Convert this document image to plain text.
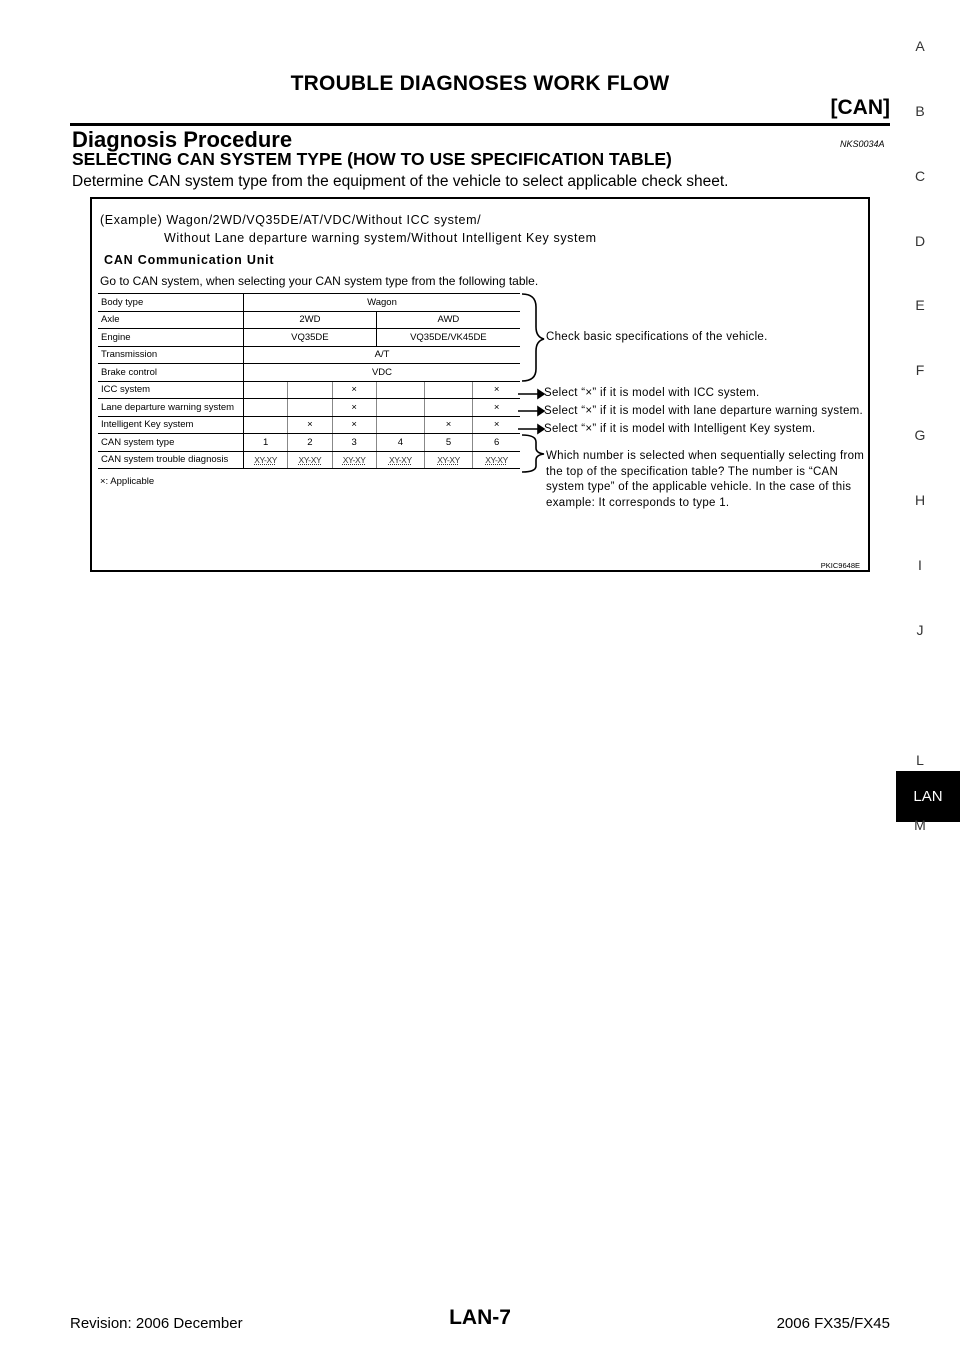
TROUBLE DIAGNOSES WORK FLOW
[CAN]
Diagnosis Procedure	NKS0034A
SELECTING CAN SYSTEM TYPE (HOW TO USE SPECIFICATION TABLE)
Determine CAN system type from the equipment of the vehicle to select applicable check sheet.
(Example) Wagon/2WD/VQ35DE/AT/VDC/Without ICC system/
Without Lane departure warning system/Without Intelligent Key system
CAN Communication Unit
Go to CAN system, when selecting your CAN system type from the following table.
Body type	Wagon					
Axle	2WD			AWD		
Engine	VQ35DE			VQ35DE/VK45DE		
Transmission	A/T					
Brake control	VDC					
ICC system			×			×
Lane departure warning system			×			×
Intelligent Key system		×	×		×	×
CAN system type	1	2	3	4	5	6
CAN system trouble diagnosis	XY-XY	XY-XY	XY-XY	XY-XY	XY-XY	XY-XY
×: Applicable
Check basic specifications of the vehicle.
Select “×” if it is model with ICC system.
Select “×” if it is model with lane departure warning system.
Select “×” if it is model with Intelligent Key system.
Which number is selected when sequentially selecting from the top of the specification table? The number is “CAN system type” of the applicable vehicle. In the case of this example: It corresponds to type 1.
PKIC9648E
A
B
C
D
E
F
G
H
I
J
LAN
L
M
Revision: 2006 December	LAN-7	2006 FX35/FX45
